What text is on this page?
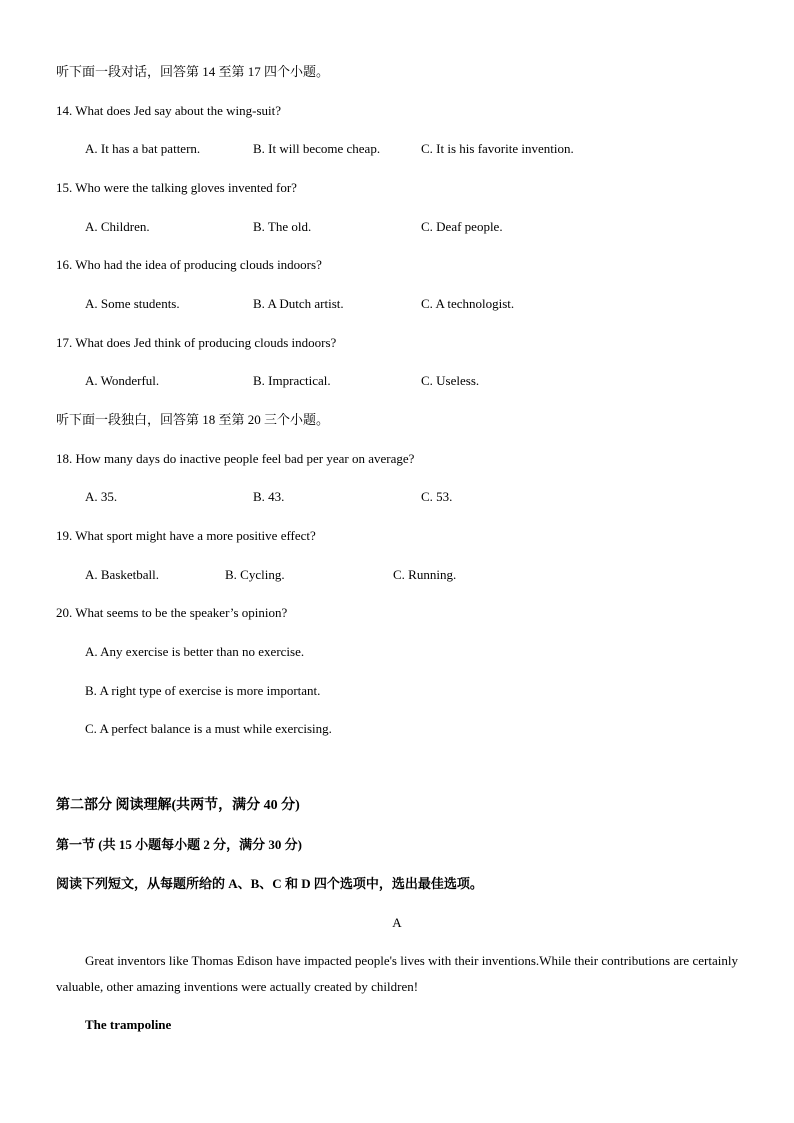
听下面一段对话，回答第 14 至第 17 四个小题。
14. What does Jed say about the wing-suit?
A. It has a bat pattern.	B. It will become cheap.	C. It is his favorite invention.
15. Who were the talking gloves invented for?
A. Children.	B. The old.	C. Deaf people.
16. Who had the idea of producing clouds indoors?
A. Some students.	B. A Dutch artist.	C. A technologist.
17. What does Jed think of producing clouds indoors?
A. Wonderful.	B. Impractical.	C. Useless.
听下面一段独白，回答第 18 至第 20 三个小题。
18. How many days do inactive people feel bad per year on average?
A. 35.	B. 43.	C. 53.
19. What sport might have a more positive effect?
A. Basketball.	B. Cycling.	C. Running.
20. What seems to be the speaker’s opinion?
A. Any exercise is better than no exercise.
B. A right type of exercise is more important.
C. A perfect balance is a must while exercising.
第二部分 阅读理解(共两节，满分 40 分)
第一节 (共 15 小题每小题 2 分，满分 30 分)
阅读下列短文，从每题所给的 A、B、C 和 D 四个选项中，选出最佳选项。
A
Great inventors like Thomas Edison have impacted people's lives with their inventions.While their contributions are certainly valuable, other amazing inventions were actually created by children!
The trampoline
